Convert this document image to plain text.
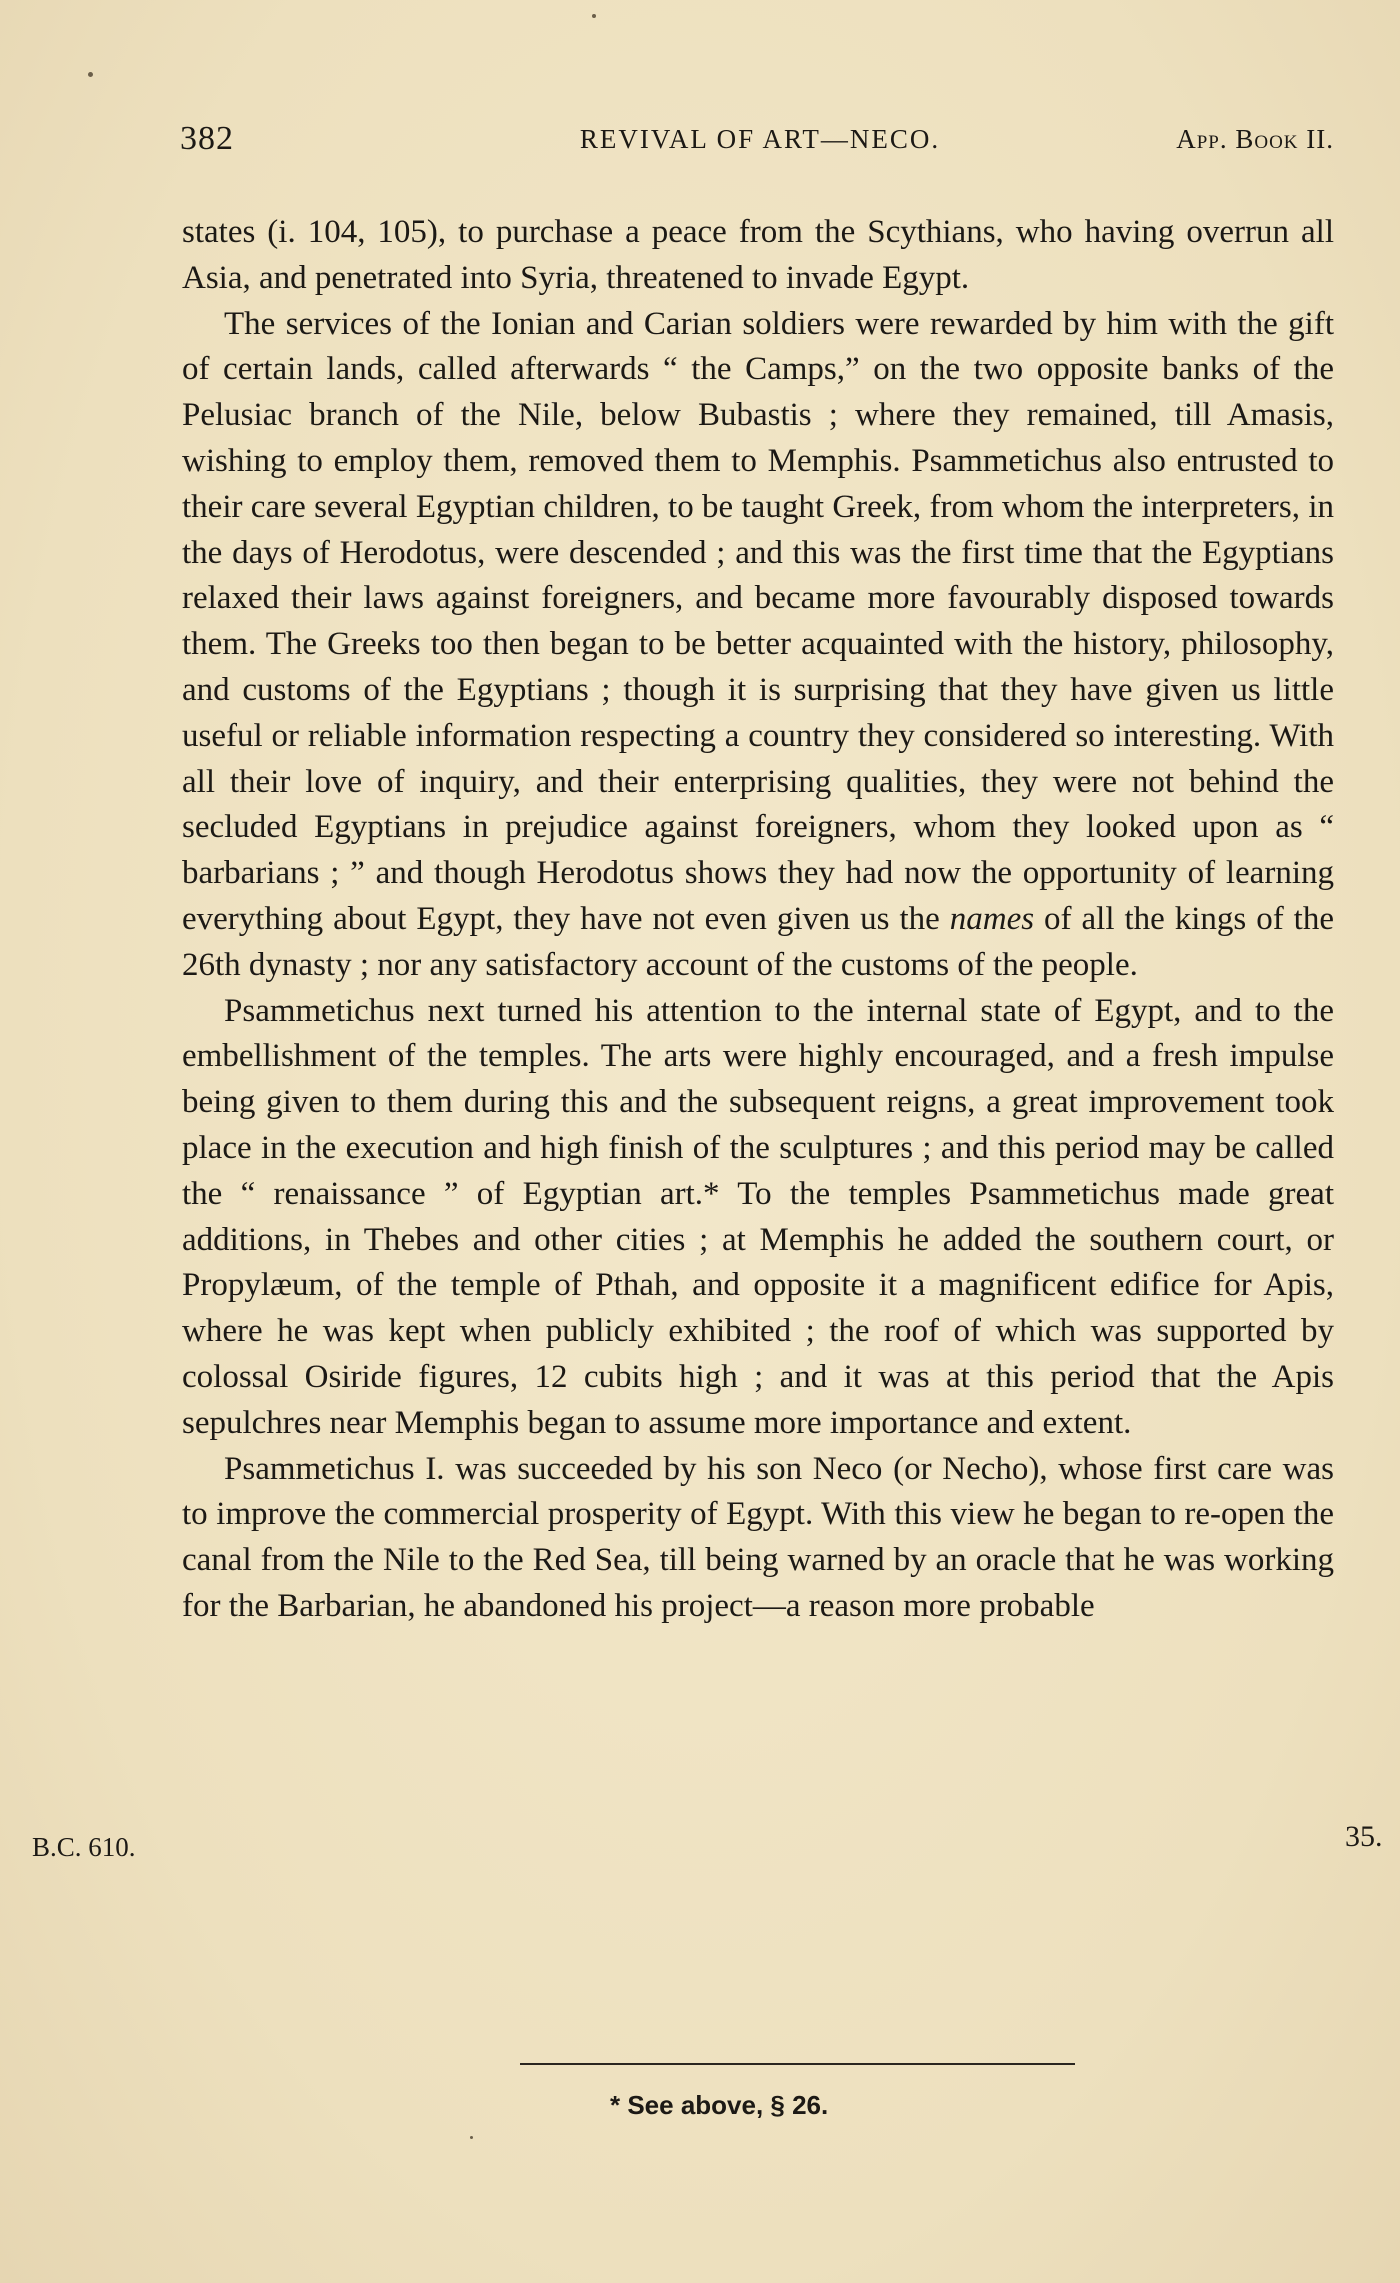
382	REVIVAL OF ART—NECO.	App. Book II.

states (i. 104, 105), to purchase a peace from the Scythians, who having overrun all Asia, and penetrated into Syria, threatened to invade Egypt.

The services of the Ionian and Carian soldiers were rewarded by him with the gift of certain lands, called afterwards “ the Camps,” on the two opposite banks of the Pelusiac branch of the Nile, below Bubastis ; where they remained, till Amasis, wishing to employ them, removed them to Memphis. Psammetichus also entrusted to their care several Egyptian children, to be taught Greek, from whom the interpreters, in the days of Herodotus, were descended ; and this was the first time that the Egyptians relaxed their laws against foreigners, and became more favourably disposed towards them. The Greeks too then began to be better acquainted with the history, philosophy, and customs of the Egyptians ; though it is surprising that they have given us little useful or reliable information respecting a country they considered so interesting. With all their love of inquiry, and their enterprising qualities, they were not behind the secluded Egyptians in prejudice against foreigners, whom they looked upon as “ barbarians ; ” and though Herodotus shows they had now the opportunity of learning everything about Egypt, they have not even given us the names of all the kings of the 26th dynasty ; nor any satisfactory account of the customs of the people.

Psammetichus next turned his attention to the internal state of Egypt, and to the embellishment of the temples. The arts were highly encouraged, and a fresh impulse being given to them during this and the subsequent reigns, a great improvement took place in the execution and high finish of the sculptures ; and this period may be called the “ renaissance ” of Egyptian art.* To the temples Psammetichus made great additions, in Thebes and other cities ; at Memphis he added the southern court, or Propylæum, of the temple of Pthah, and opposite it a magnificent edifice for Apis, where he was kept when publicly exhibited ; the roof of which was supported by colossal Osiride figures, 12 cubits high ; and it was at this period that the Apis sepulchres near Memphis began to assume more importance and extent.

Psammetichus I. was succeeded by his son Neco (or Necho), whose first care was to improve the commercial prosperity of Egypt. With this view he began to re-open the canal from the Nile to the Red Sea, till being warned by an oracle that he was working for the Barbarian, he abandoned his project—a reason more probable

B.C. 610.	35.
* See above, § 26.
